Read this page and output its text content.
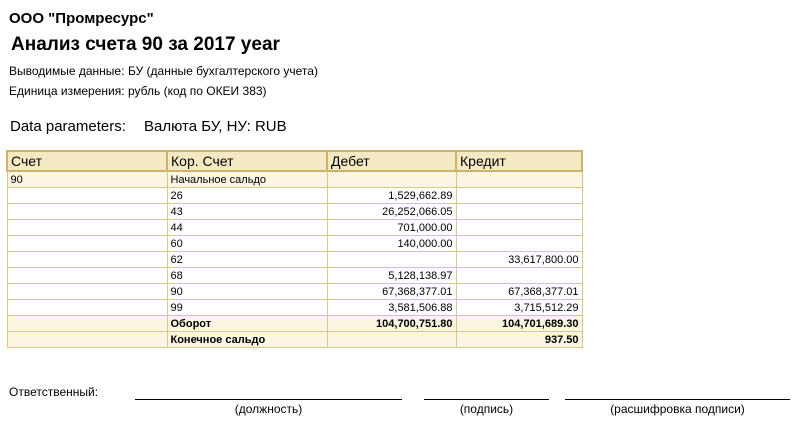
ООО "Промресурс"
Анализ счета 90 за 2017 year
Выводимые данные: БУ (данные бухгалтерского учета)
Единица измерения: рубль (код по ОКЕИ 383)
Data parameters: Валюта БУ, НУ: RUB
Счет	Кор. Счет	Дебет	Кредит
90	Начальное сальдо		
	26	1,529,662.89	
	43	26,252,066.05	
	44	701,000.00	
	60	140,000.00	
	62		33,617,800.00
	68	5,128,138.97	
	90	67,368,377.01	67,368,377.01
	99	3,581,506.88	3,715,512.29
	Оборот	104,700,751.80	104,701,689.30
	Конечное сальдо		937.50
Ответственный:
(должность)	(подпись)	(расшифровка подписи)
